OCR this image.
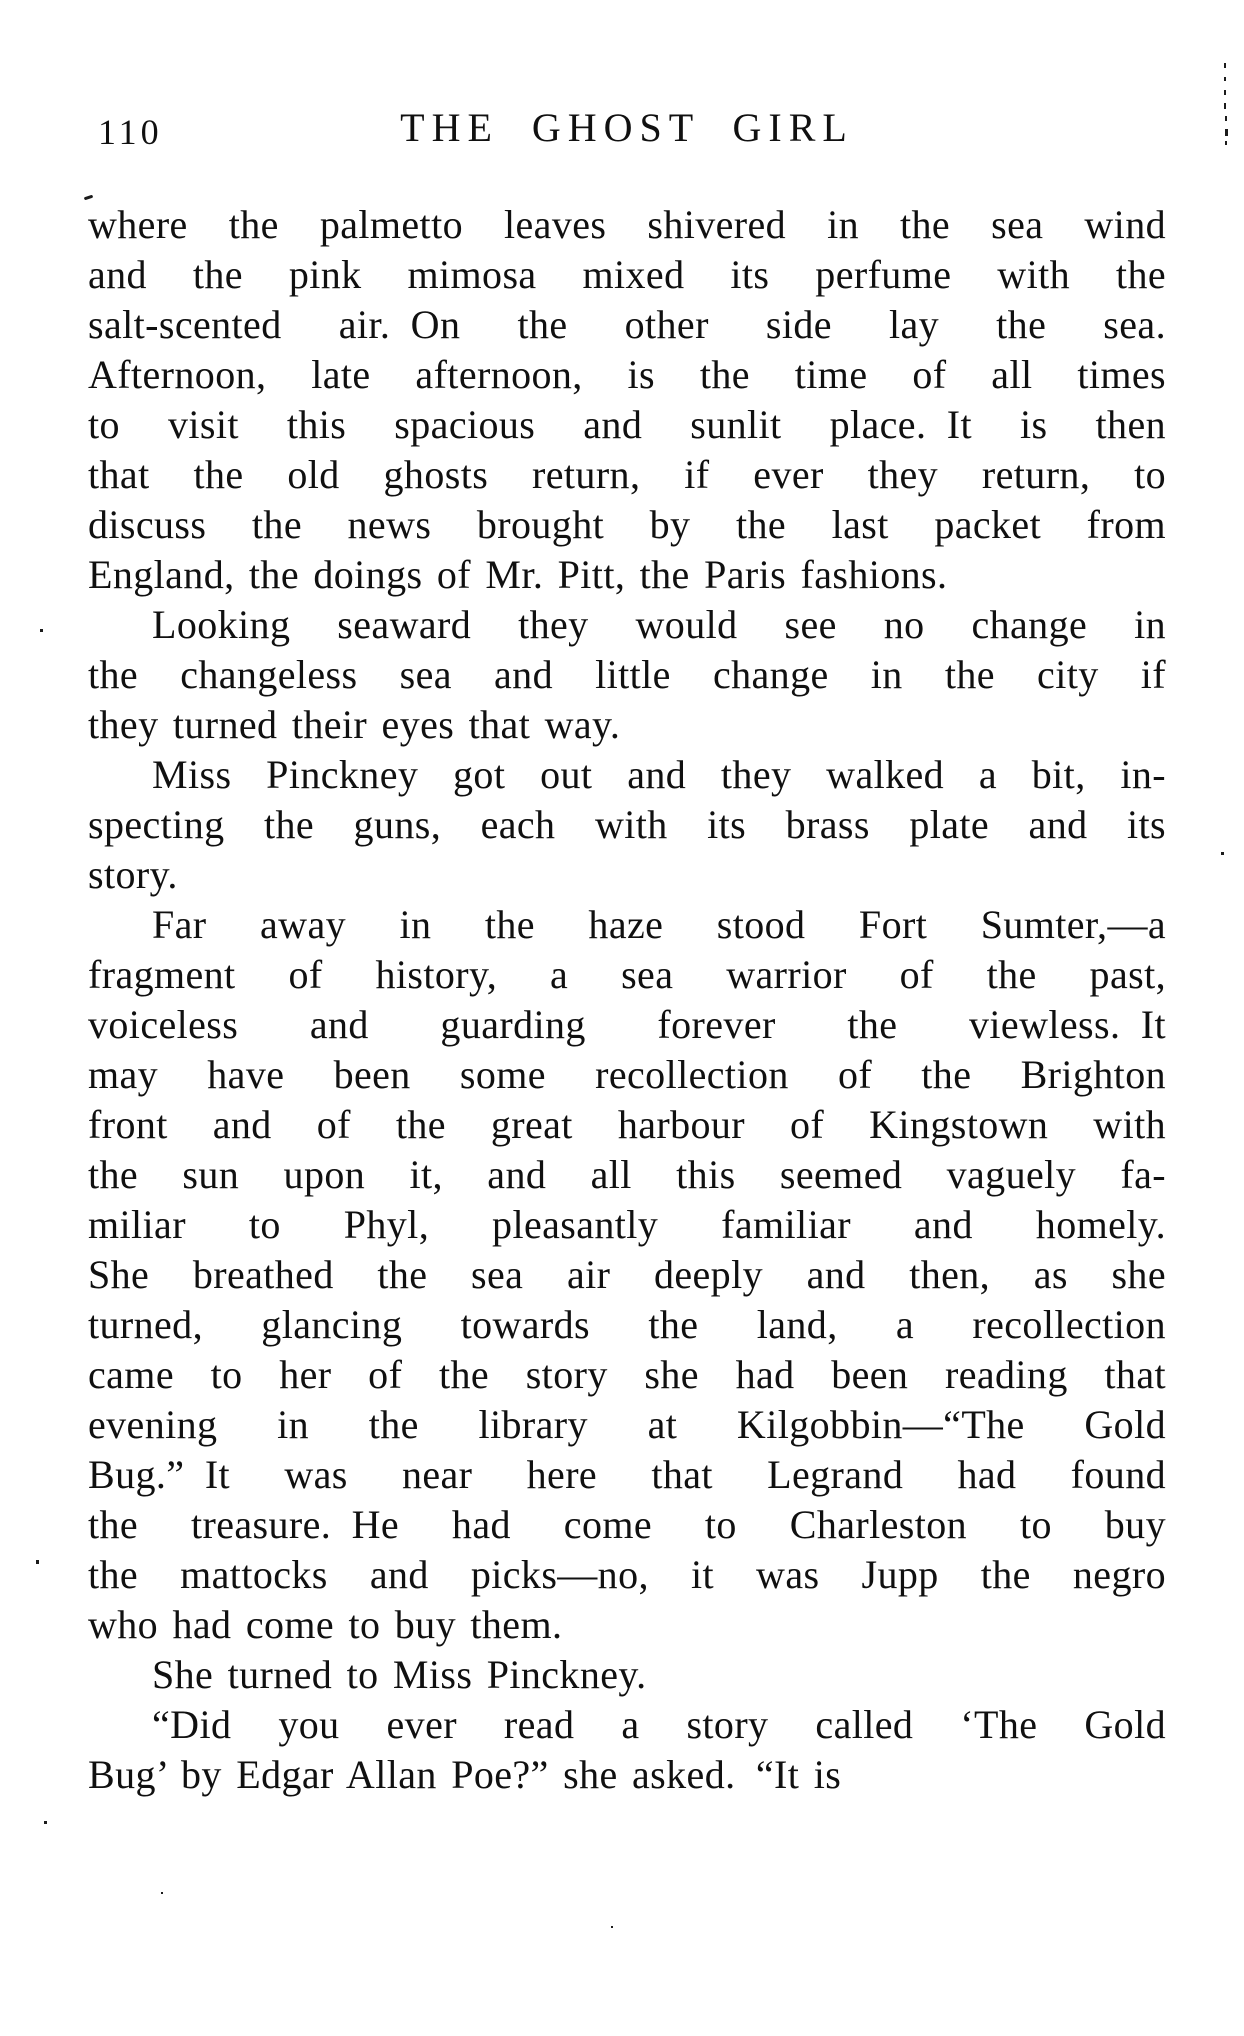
110	THE GHOST GIRL
where the palmetto leaves shivered in the sea wind
and the pink mimosa mixed its perfume with the
salt-scented air. On the other side lay the sea.
Afternoon, late afternoon, is the time of all times
to visit this spacious and sunlit place. It is then
that the old ghosts return, if ever they return, to
discuss the news brought by the last packet from
England, the doings of Mr. Pitt, the Paris fashions.
Looking seaward they would see no change in
the changeless sea and little change in the city if
they turned their eyes that way.
Miss Pinckney got out and they walked a bit, in-
specting the guns, each with its brass plate and its
story.
Far away in the haze stood Fort Sumter,—a
fragment of history, a sea warrior of the past,
voiceless and guarding forever the viewless. It
may have been some recollection of the Brighton
front and of the great harbour of Kingstown with
the sun upon it, and all this seemed vaguely fa-
miliar to Phyl, pleasantly familiar and homely.
She breathed the sea air deeply and then, as she
turned, glancing towards the land, a recollection
came to her of the story she had been reading that
evening in the library at Kilgobbin—“The Gold
Bug.” It was near here that Legrand had found
the treasure. He had come to Charleston to buy
the mattocks and picks—no, it was Jupp the negro
who had come to buy them.
She turned to Miss Pinckney.
“Did you ever read a story called ‘The Gold
Bug’ by Edgar Allan Poe?” she asked. “It is
